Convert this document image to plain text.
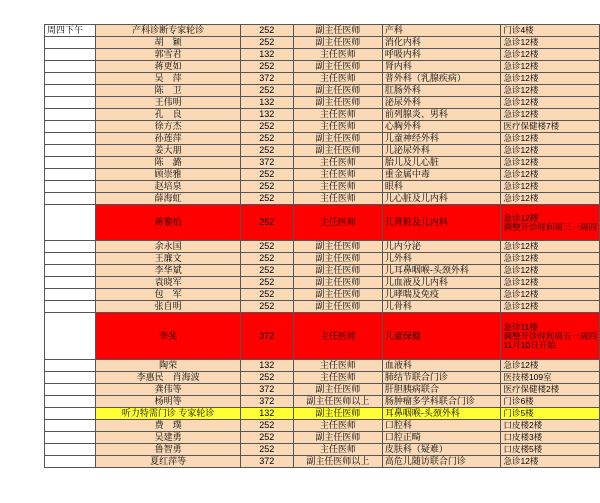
周四下午	产科诊断专家轮诊	252	副主任医师	产科	门诊4楼
	胡　颖	252	副主任医师	消化内科	急诊12楼
	郭雪君	132	主任医师	呼吸内科	急诊12楼
	蒋更如	252	副主任医师	肾内科	急诊12楼
	吴　萍	372	主任医师	普外科（乳腺疾病）	急诊12楼
	陈　卫	252	副主任医师	肛肠外科	急诊12楼
	王伟明	132	副主任医师	泌尿外科	急诊12楼
	孔　良	132	主任医师	前列腺炎、男科	急诊12楼
	徐方杰	252	主任医师	心胸外科	医疗保健楼7楼
	孙莲萍	252	副主任医师	儿童神经外科	急诊12楼
	姜大朋	252	副主任医师	儿泌尿外科	急诊12楼
	陈　潞	372	主任医师	胎儿及儿心脏	急诊12楼
	顾崇雅	252	主任医师	重金属中毒	急诊12楼
	赵培泉	252	主任医师	眼科	急诊12楼
	薛海虹	252	主任医师	儿心脏及儿内科	急诊12楼
	蒋黎怡	252	主任医师	儿肾脏及儿内科	急诊12楼
调整开诊时间周三一周四
	余永国	252	副主任医师	儿内分泌	急诊12楼
	王廉文	252	副主任医师	儿外科	急诊12楼
	李华斌	252	副主任医师	儿耳鼻咽喉-头颈外科	急诊12楼
	袁晓军	252	副主任医师	儿血液及儿内科	急诊12楼
	包　军	252	副主任医师	儿哮喘及免疫	急诊12楼
	张自明	252	副主任医师	儿骨科	急诊12楼
	李斐	372	主任医师	儿童保健	急诊11楼
调整开诊时间周五一周四
11月10日开始
	陶荣	132	主任医师	血液科	急诊12楼
	李惠民　肖海波	252	主任医师	肺结节联合门诊	医技楼109室
	龚伟等	372	副主任医师	肝胆胰病联合	医疗保健楼2楼
	杨明等	372	副主任医师以上	肠肿瘤多学科联合门诊	门诊6楼
	听力特需门诊 专家轮诊	132	副主任医师	耳鼻咽喉-头颈外科	门诊5楼
	费　璞	252	主任医师	口腔科	口皮楼2楼
	吴建勇	252	副主任医师	口腔正畸	口皮楼3楼
	鲁智勇	252	主任医师	皮肤科（疑难）	口皮楼5楼
	夏红萍等	372	副主任医师以上	高危儿随访联合门诊	急诊12楼
